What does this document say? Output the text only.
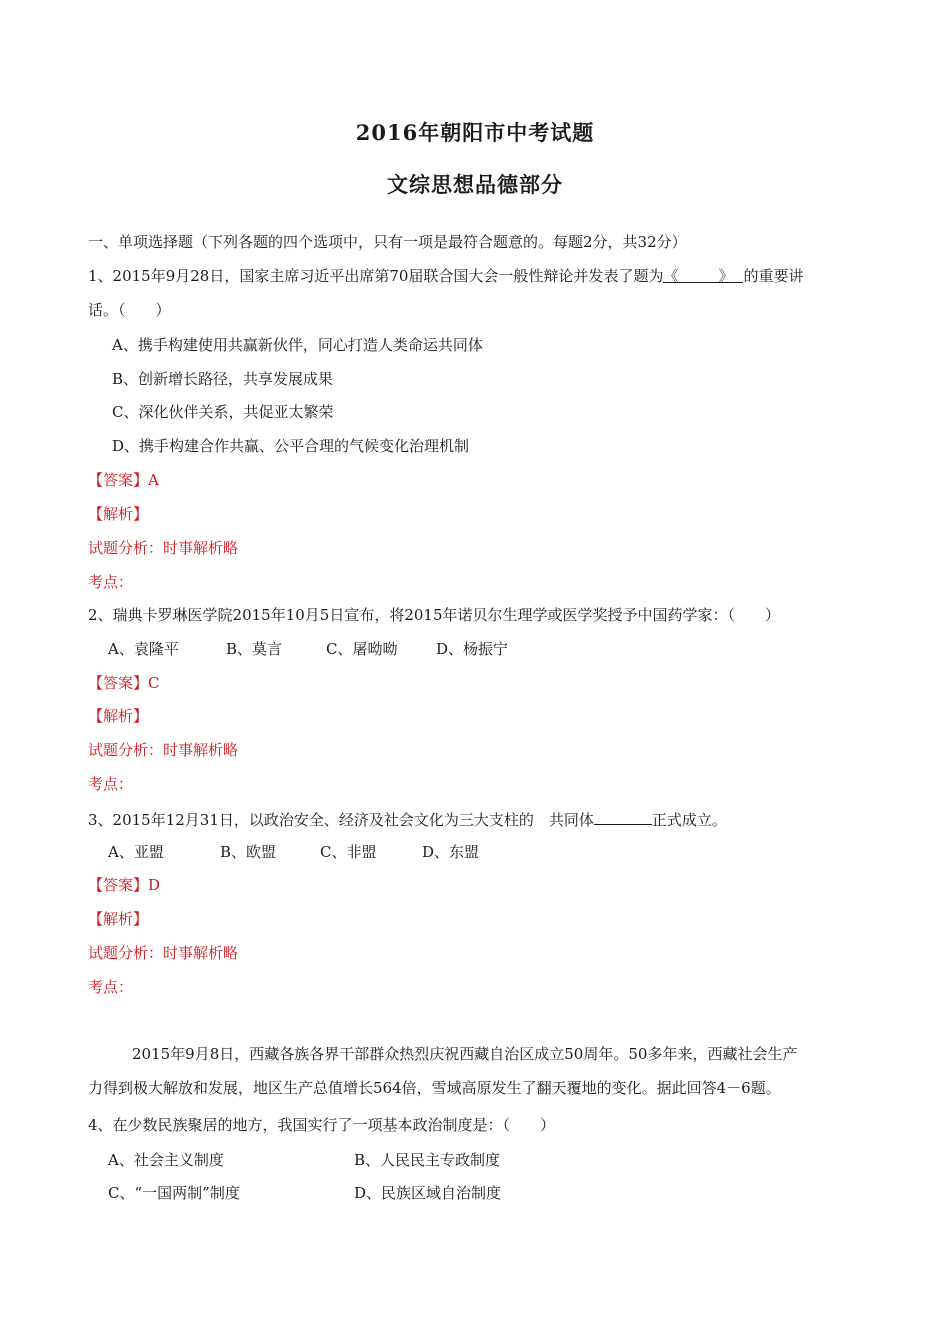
2016年朝阳市中考试题
文综思想品德部分
一、单项选择题（下列各题的四个选项中，只有一项是最符合题意的。每题2分，共32分）
1、2015年9月28日，国家主席习近平出席第70届联合国大会一般性辩论并发表了题为《	》 的重要讲
话。（　　）
A、携手构建使用共赢新伙伴，同心打造人类命运共同体
B、创新增长路径，共享发展成果
C、深化伙伴关系，共促亚太繁荣
D、携手构建合作共赢、公平合理的气候变化治理机制
【答案】A
【解析】
试题分析：时事解析略
考点：
2、瑞典卡罗琳医学院2015年10月5日宣布，将2015年诺贝尔生理学或医学奖授予中国药学家：（　　）
A、袁隆平	B、莫言	C、屠呦呦	D、杨振宁
【答案】C
【解析】
试题分析：时事解析略
考点：
3、2015年12月31日，以政治安全、经济及社会文化为三大支柱的　共同体	正式成立。
A、亚盟	B、欧盟	C、非盟	D、东盟
【答案】D
【解析】
试题分析：时事解析略
考点：
2015年9月8日，西藏各族各界干部群众热烈庆祝西藏自治区成立50周年。50多年来，西藏社会生产
力得到极大解放和发展，地区生产总值增长564倍，雪域高原发生了翻天覆地的变化。据此回答4－6题。
4、在少数民族聚居的地方，我国实行了一项基本政治制度是：（　　）
A、社会主义制度	B、人民民主专政制度
C、“一国两制”制度	D、民族区域自治制度
